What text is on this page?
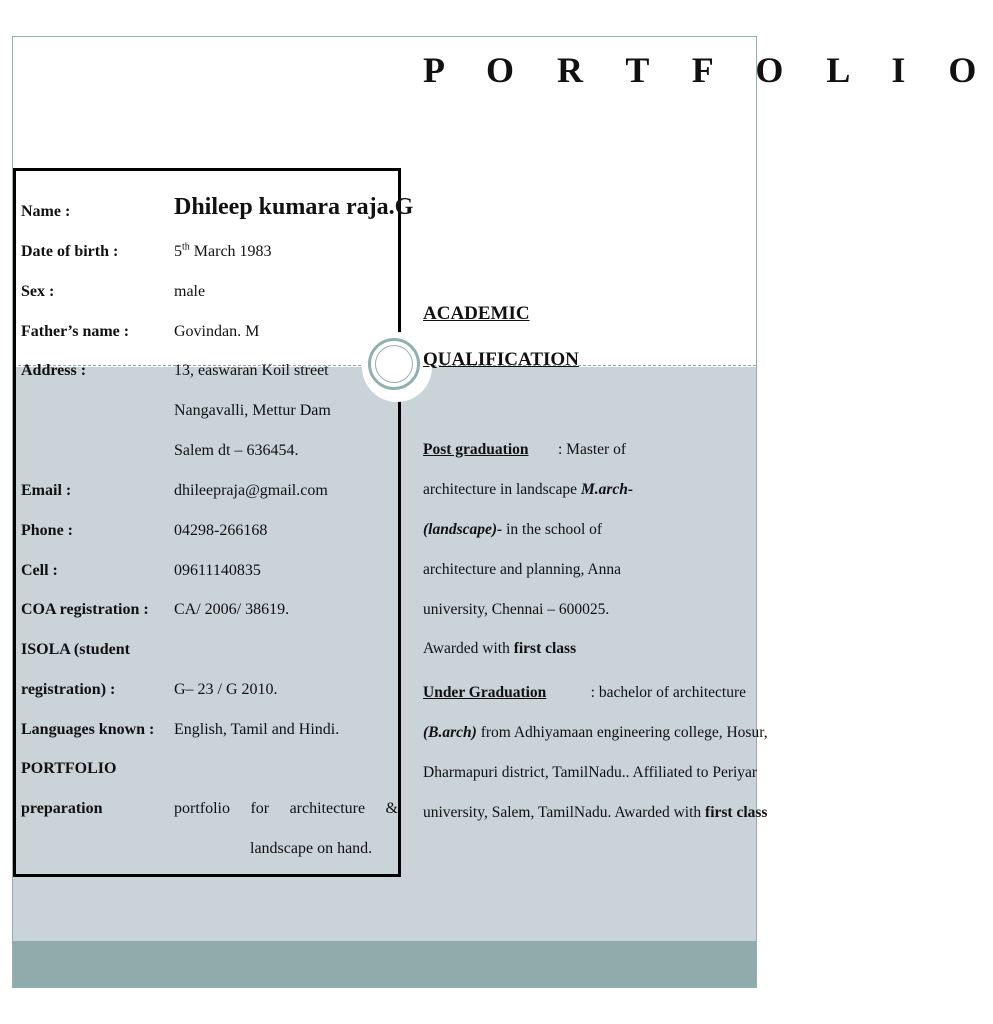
P O R T F O L I O
Name :	Dhileep kumara raja.G
Date of birth :	5th March 1983
Sex :	male
Father’s name :	Govindan. M
Address :	13, easwaran Koil street
Nangavalli, Mettur Dam
Salem dt – 636454.
Email :	dhileepraja@gmail.com
Phone :	04298-266168
Cell :	09611140835
COA registration : CA/ 2006/ 38619.
ISOLA (student
registration) :	G– 23 / G 2010.
Languages known : English, Tamil and Hindi.
PORTFOLIO
preparation	portfolio for architecture &
landscape on hand.
ACADEMIC
QUALIFICATION
Post graduation : Master of
architecture in landscape M.arch-
(landscape)- in the school of
architecture and planning, Anna
university, Chennai – 600025.
Awarded with first class
Under Graduation	: bachelor of architecture
(B.arch) from Adhiyamaan engineering college, Hosur,
Dharmapuri district, TamilNadu.. Affiliated to Periyar
university, Salem, TamilNadu. Awarded with first class
